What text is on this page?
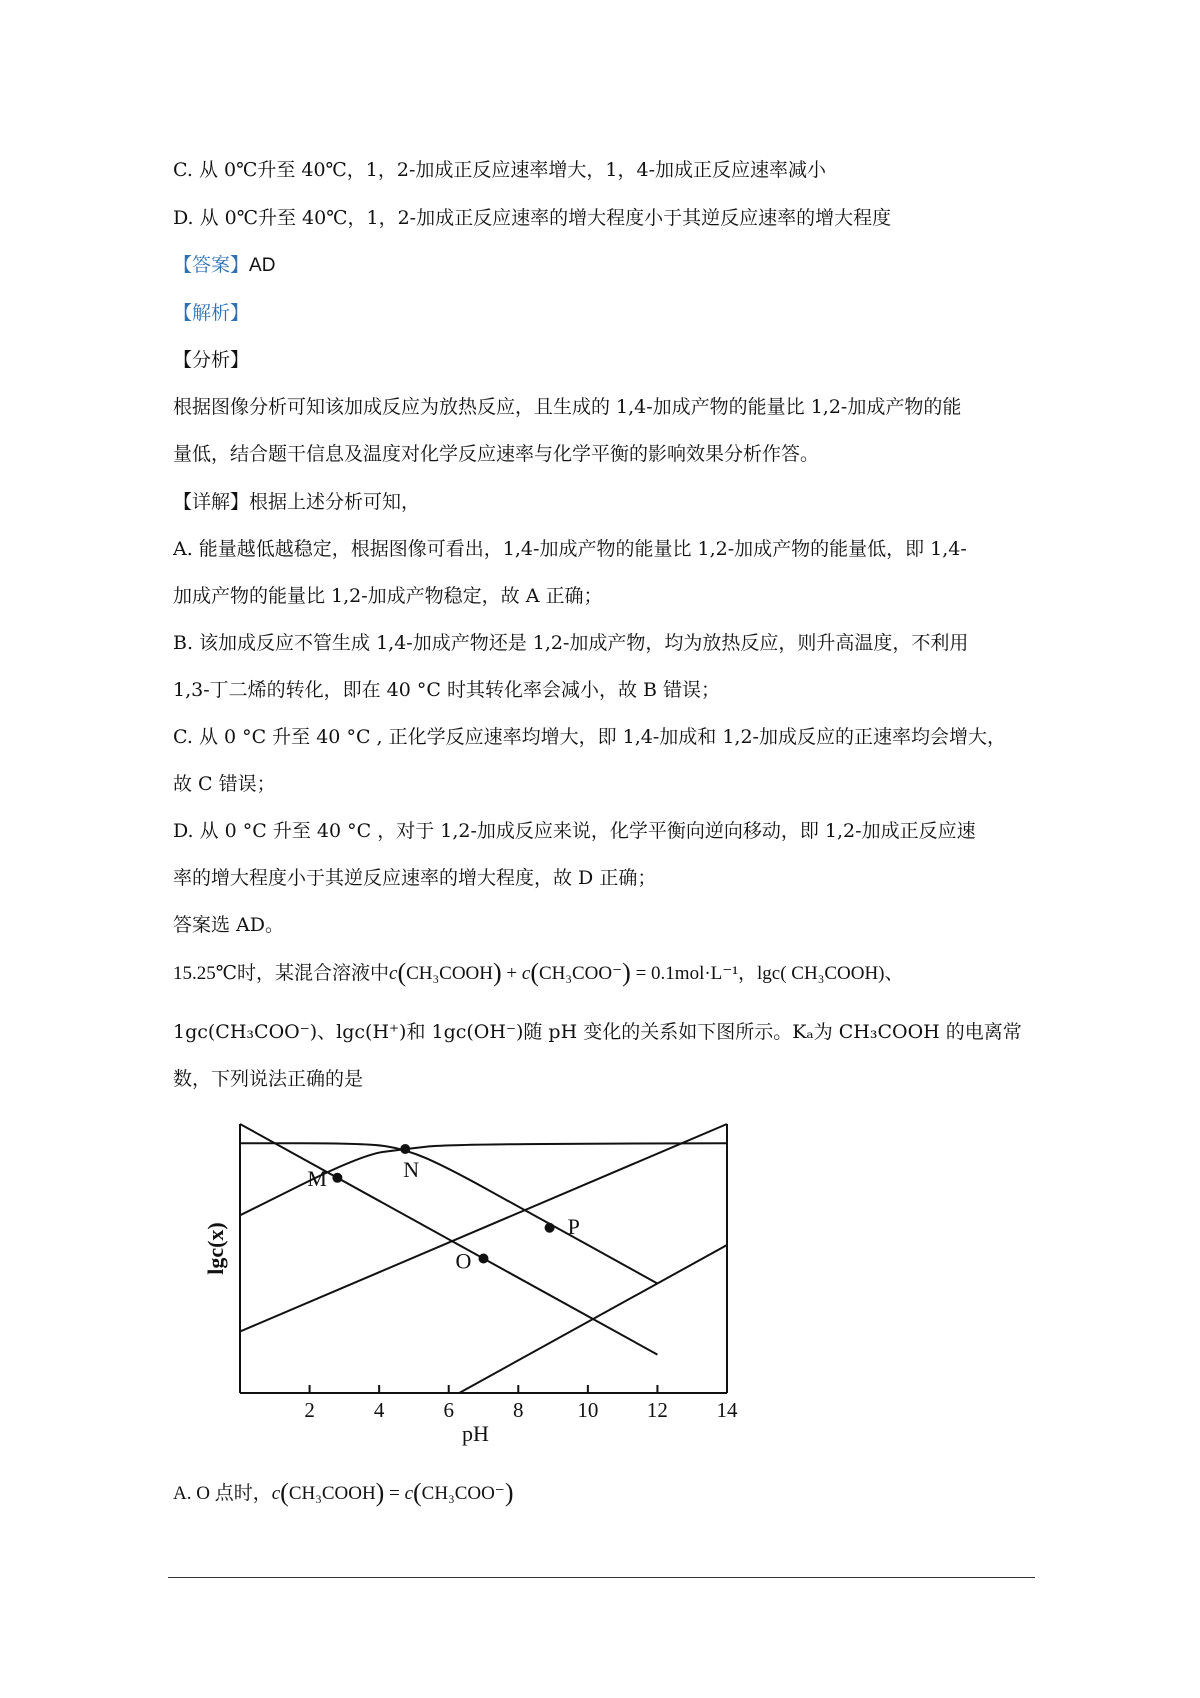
C. 从 0℃升至 40℃，1，2-加成正反应速率增大，1，4-加成正反应速率减小
D. 从 0℃升至 40℃，1，2-加成正反应速率的增大程度小于其逆反应速率的增大程度
【答案】AD
【解析】
【分析】
根据图像分析可知该加成反应为放热反应，且生成的 1,4-加成产物的能量比 1,2-加成产物的能
量低，结合题干信息及温度对化学反应速率与化学平衡的影响效果分析作答。
【详解】根据上述分析可知，
A. 能量越低越稳定，根据图像可看出，1,4-加成产物的能量比 1,2-加成产物的能量低，即 1,4-
加成产物的能量比 1,2-加成产物稳定，故 A 正确；
B. 该加成反应不管生成 1,4-加成产物还是 1,2-加成产物，均为放热反应，则升高温度，不利用
1,3-丁二烯的转化，即在 40 °C 时其转化率会减小，故 B 错误；
C. 从 0 °C 升至 40 °C , 正化学反应速率均增大，即 1,4-加成和 1,2-加成反应的正速率均会增大，
故 C 错误；
D. 从 0 °C 升至 40 °C ，对于 1,2-加成反应来说，化学平衡向逆向移动，即 1,2-加成正反应速
率的增大程度小于其逆反应速率的增大程度，故 D 正确；
答案选 AD。
15.25℃时，某混合溶液中c(CH₃COOH) + c(CH₃COO⁻) = 0.1mol·L⁻¹，lgc( CH₃COOH)、
1gc(CH₃COO⁻)、lgc(H⁺)和 1gc(OH⁻)随 pH 变化的关系如下图所示。Kₐ为 CH₃COOH 的电离常
数，下列说法正确的是
2	4	6	8	10 12 14
pH
lgc(x)
M	N
O
P
A. O 点时，c(CH₃COOH) = c(CH₃COO⁻)
